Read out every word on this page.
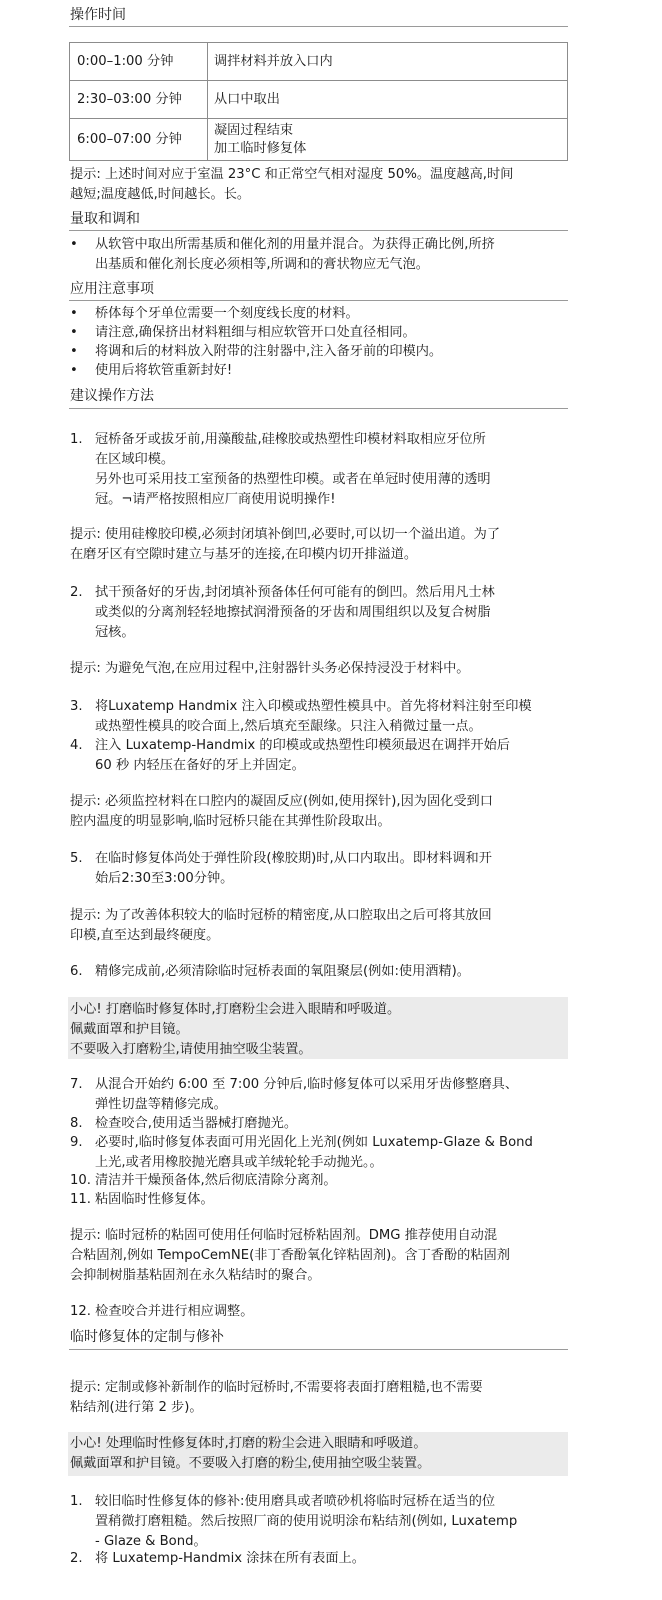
操作时间
0:00–1:00 分钟	调拌材料并放入口内
2:30–03:00 分钟	从口中取出
6:00–07:00 分钟	凝固过程结束
加工临时修复体
提示: 上述时间对应于室温 23°C 和正常空气相对湿度 50%。温度越高,时间
越短;温度越低,时间越长。长。
量取和调和
• 从软管中取出所需基质和催化剂的用量并混合。为获得正确比例,所挤
出基质和催化剂长度必须相等,所调和的膏状物应无气泡。
应用注意事项
• 桥体每个牙单位需要一个刻度线长度的材料。
• 请注意,确保挤出材料粗细与相应软管开口处直径相同。
• 将调和后的材料放入附带的注射器中,注入备牙前的印模内。
• 使用后将软管重新封好!
建议操作方法
1. 冠桥备牙或拔牙前,用藻酸盐,硅橡胶或热塑性印模材料取相应牙位所
在区域印模。
另外也可采用技工室预备的热塑性印模。或者在单冠时使用薄的透明
冠。¬请严格按照相应厂商使用说明操作!
提示: 使用硅橡胶印模,必须封闭填补倒凹,必要时,可以切一个溢出道。为了
在磨牙区有空隙时建立与基牙的连接,在印模内切开排溢道。
2. 拭干预备好的牙齿,封闭填补预备体任何可能有的倒凹。然后用凡士林
或类似的分离剂轻轻地擦拭润滑预备的牙齿和周围组织以及复合树脂
冠核。
提示: 为避免气泡,在应用过程中,注射器针头务必保持浸没于材料中。
3. 将Luxatemp Handmix 注入印模或热塑性模具中。首先将材料注射至印模
或热塑性模具的咬合面上,然后填充至龈缘。只注入稍微过量一点。
4. 注入 Luxatemp-Handmix 的印模或或热塑性印模须最迟在调拌开始后
60 秒 内轻压在备好的牙上并固定。
提示: 必须监控材料在口腔内的凝固反应(例如,使用探针),因为固化受到口
腔内温度的明显影响,临时冠桥只能在其弹性阶段取出。
5. 在临时修复体尚处于弹性阶段(橡胶期)时,从口内取出。即材料调和开
始后2:30至3:00分钟。
提示: 为了改善体积较大的临时冠桥的精密度,从口腔取出之后可将其放回
印模,直至达到最终硬度。
6. 精修完成前,必须清除临时冠桥表面的氧阻聚层(例如:使用酒精)。
小心! 打磨临时修复体时,打磨粉尘会进入眼睛和呼吸道。
佩戴面罩和护目镜。
不要吸入打磨粉尘,请使用抽空吸尘装置。
7. 从混合开始约 6:00 至 7:00 分钟后,临时修复体可以采用牙齿修整磨具、
弹性切盘等精修完成。
8. 检查咬合,使用适当器械打磨抛光。
9. 必要时,临时修复体表面可用光固化上光剂(例如 Luxatemp-Glaze & Bond
上光,或者用橡胶抛光磨具或羊绒轮轮手动抛光。。
10. 清洁并干燥预备体,然后彻底清除分离剂。
11. 粘固临时性修复体。
提示: 临时冠桥的粘固可使用任何临时冠桥粘固剂。DMG 推荐使用自动混
合粘固剂,例如 TempoCemNE(非丁香酚氧化锌粘固剂)。含丁香酚的粘固剂
会抑制树脂基粘固剂在永久粘结时的聚合。
12. 检查咬合并进行相应调整。
临时修复体的定制与修补
提示: 定制或修补新制作的临时冠桥时,不需要将表面打磨粗糙,也不需要
粘结剂(进行第 2 步)。
小心! 处理临时性修复体时,打磨的粉尘会进入眼睛和呼吸道。
佩戴面罩和护目镜。不要吸入打磨的粉尘,使用抽空吸尘装置。
1. 较旧临时性修复体的修补:使用磨具或者喷砂机将临时冠桥在适当的位
置稍微打磨粗糙。然后按照厂商的使用说明涂布粘结剂(例如, Luxatemp
- Glaze & Bond。
2. 将 Luxatemp-Handmix 涂抹在所有表面上。
